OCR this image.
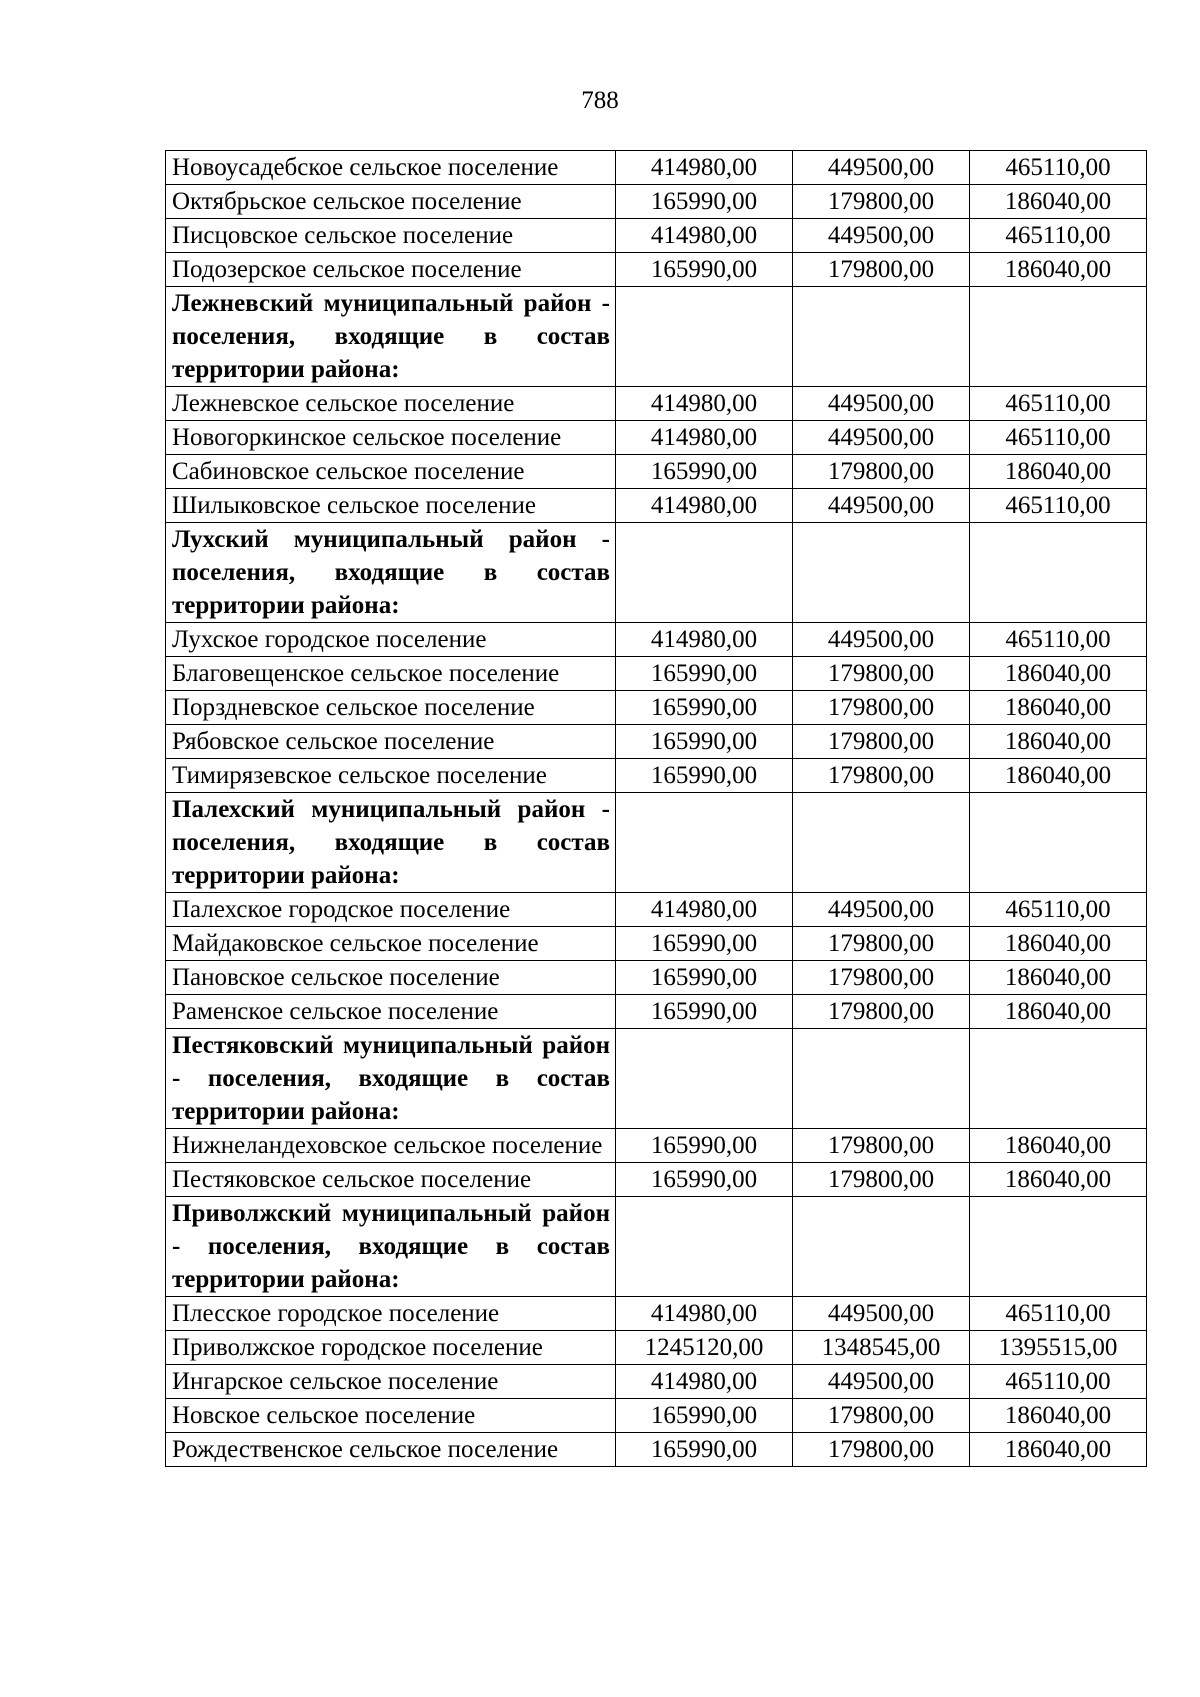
788
Новоусадебское сельское поселение	414980,00	449500,00	465110,00
Октябрьское сельское поселение	165990,00	179800,00	186040,00
Писцовское сельское поселение	414980,00	449500,00	465110,00
Подозерское сельское поселение	165990,00	179800,00	186040,00
Лежневский муниципальный район - поселения, входящие в состав территории района:			
Лежневское сельское поселение	414980,00	449500,00	465110,00
Новогоркинское сельское поселение	414980,00	449500,00	465110,00
Сабиновское сельское поселение	165990,00	179800,00	186040,00
Шилыковское сельское поселение	414980,00	449500,00	465110,00
Лухский муниципальный район - поселения, входящие в состав территории района:			
Лухское городское поселение	414980,00	449500,00	465110,00
Благовещенское сельское поселение	165990,00	179800,00	186040,00
Порздневское сельское поселение	165990,00	179800,00	186040,00
Рябовское сельское поселение	165990,00	179800,00	186040,00
Тимирязевское сельское поселение	165990,00	179800,00	186040,00
Палехский муниципальный район - поселения, входящие в состав территории района:			
Палехское городское поселение	414980,00	449500,00	465110,00
Майдаковское сельское поселение	165990,00	179800,00	186040,00
Пановское сельское поселение	165990,00	179800,00	186040,00
Раменское сельское поселение	165990,00	179800,00	186040,00
Пестяковский муниципальный район - поселения, входящие в состав территории района:			
Нижнеландеховское сельское поселение	165990,00	179800,00	186040,00
Пестяковское сельское поселение	165990,00	179800,00	186040,00
Приволжский муниципальный район - поселения, входящие в состав территории района:			
Плесское городское поселение	414980,00	449500,00	465110,00
Приволжское городское поселение	1245120,00	1348545,00	1395515,00
Ингарское сельское поселение	414980,00	449500,00	465110,00
Новское сельское поселение	165990,00	179800,00	186040,00
Рождественское сельское поселение	165990,00	179800,00	186040,00
